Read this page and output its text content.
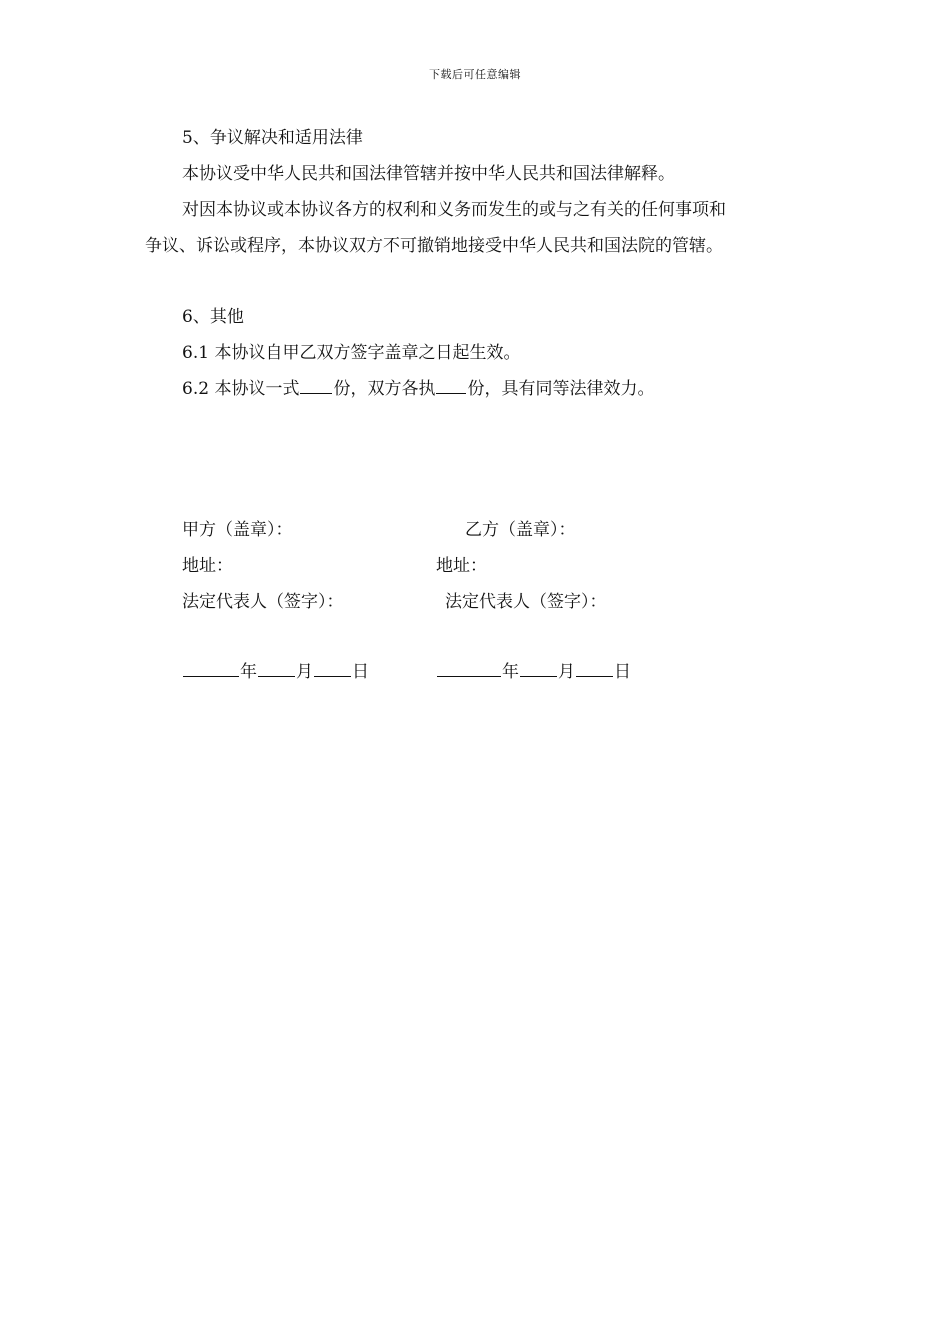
下载后可任意编辑
5、争议解决和适用法律
本协议受中华人民共和国法律管辖并按中华人民共和国法律解释。
对因本协议或本协议各方的权利和义务而发生的或与之有关的任何事项和
争议、诉讼或程序，本协议双方不可撤销地接受中华人民共和国法院的管辖。
6、其他
6.1 本协议自甲乙双方签字盖章之日起生效。
6.2 本协议一式 份，双方各执 份，具有同等法律效力。
甲方（盖章）：	乙方（盖章）：
地址：	地址：
法定代表人（签字）：	法定代表人（签字）：
年 月 日	年 月 日
